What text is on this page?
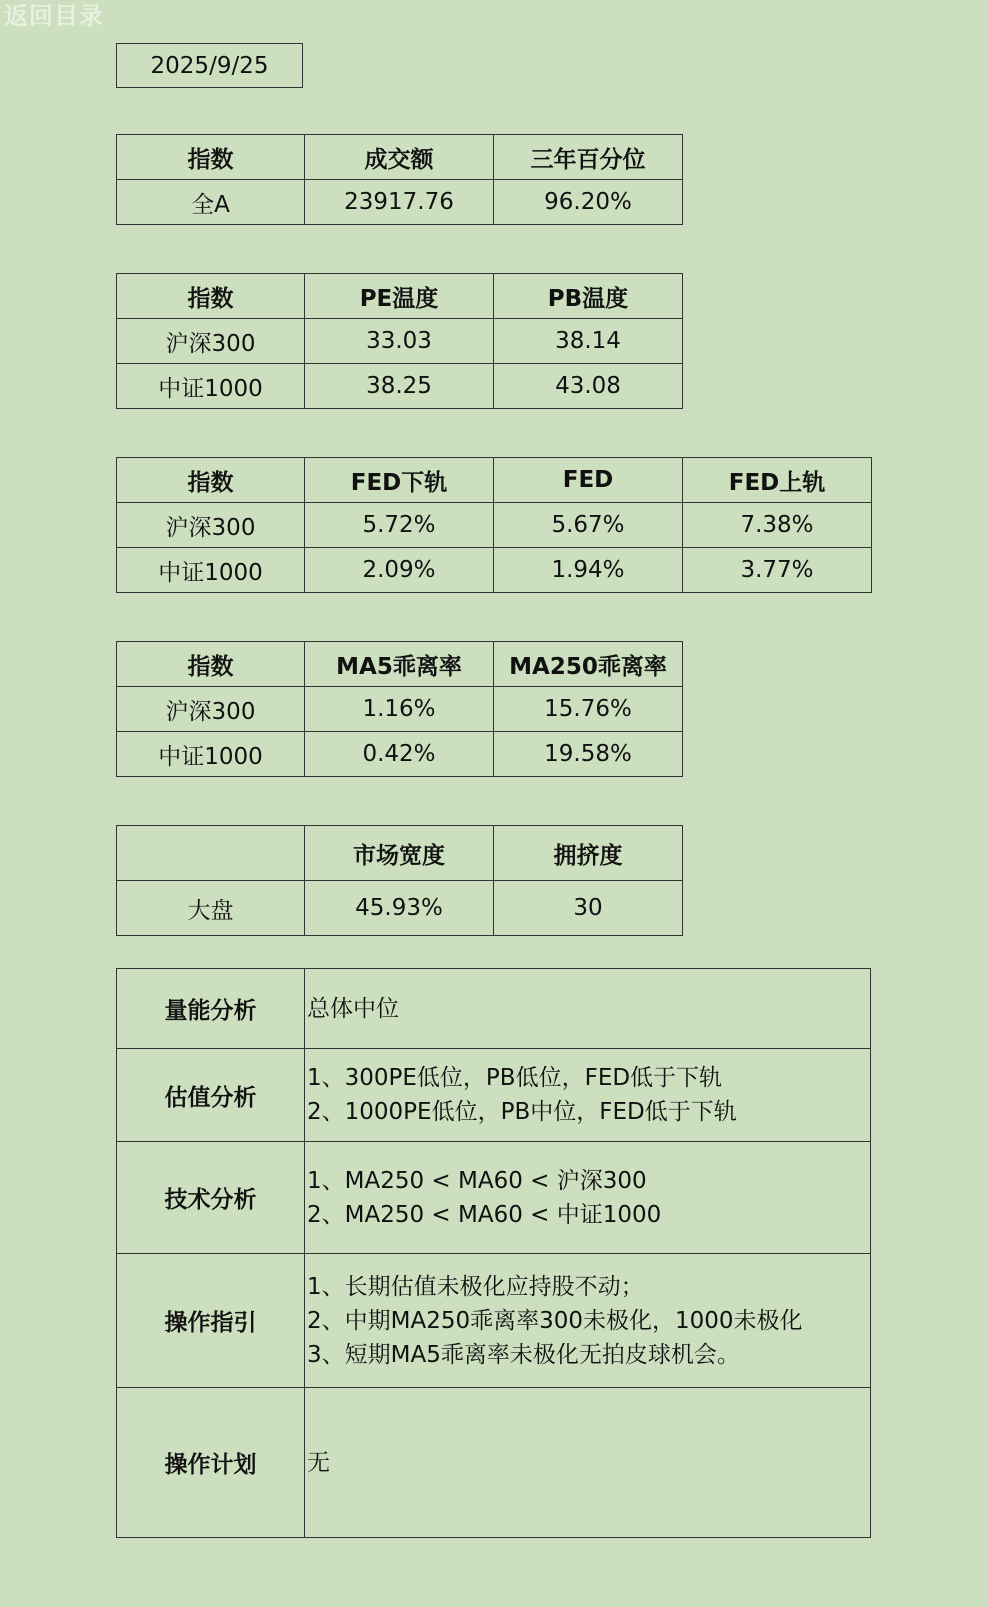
返回目录
2025/9/25
指数	成交额	三年百分位
全A	23917.76	96.20%
指数	PE温度	PB温度
沪深300	33.03	38.14
中证1000	38.25	43.08
指数	FED下轨	FED	FED上轨
沪深300	5.72%	5.67%	7.38%
中证1000	2.09%	1.94%	3.77%
指数	MA5乖离率	MA250乖离率
沪深300	1.16%	15.76%
中证1000	0.42%	19.58%
	市场宽度	拥挤度
大盘	45.93%	30
量能分析	总体中位

估值分析	1、300PE低位，PB低位，FED低于下轨
2、1000PE低位，PB中位，FED低于下轨

技术分析	1、MA250 < MA60 < 沪深300
2、MA250 < MA60 < 中证1000

操作指引	1、长期估值未极化应持股不动；
2、中期MA250乖离率300未极化，1000未极化
3、短期MA5乖离率未极化无拍皮球机会。

操作计划	无
